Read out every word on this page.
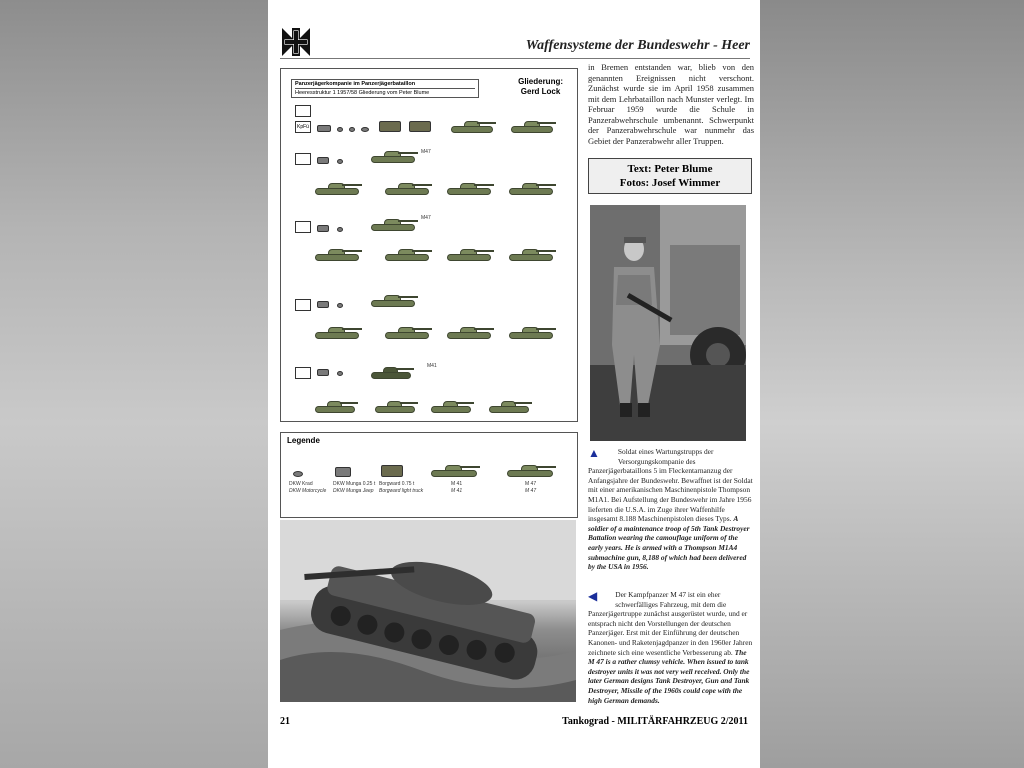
Waffensysteme der Bundeswehr - Heer
Panzerjägerkompanie im Panzerjägerbataillon
Heeresstruktur 1 1957/58 Gliederung vom Peter Blume
Gliederung:
Gerd Lock
KpFü
M47
M47
M41
Legende
DKW Krad
DKW Motorcycle
DKW Munga 0.25 t
DKW Munga Jeep
Borgward 0.75 t
Borgward light truck
M 41
M 41
M 47
M 47
in Bremen entstanden war, blieb von den genannten Ereignissen nicht verschont. Zunächst wurde sie im April 1958 zusammen mit dem Lehrbataillon nach Munster verlegt. Im Februar 1959 wurde die Schule in Panzerabwehrschule umbenannt. Schwerpunkt der Panzerabwehrschule war nunmehr das Gebiet der Panzerabwehr aller Truppen.
Text: Peter Blume
Fotos: Josef Wimmer
▲ Soldat eines Wartungstrupps der Versorgungskompanie des Panzerjägerbataillons 5 im Fleckentarnanzug der Anfangsjahre der Bundeswehr. Bewaffnet ist der Soldat mit einer amerikanischen Maschinenpistole Thompson M1A1. Bei Aufstellung der Bundeswehr im Jahre 1956 lieferten die U.S.A. im Zuge ihrer Waffenhilfe insgesamt 8.188 Maschinenpistolen dieses Typs. A soldier of a maintenance troop of 5th Tank Destroyer Battalion wearing the camouflage uniform of the early years. He is armed with a Thompson M1A4 submachine gun, 8,188 of which had been delivered by the USA in 1956.
◀ Der Kampfpanzer M 47 ist ein eher schwerfälliges Fahrzeug, mit dem die Panzerjägertruppe zunächst ausgerüstet wurde, und er entsprach nicht den Vorstellungen der deutschen Panzerjäger. Erst mit der Einführung der deutschen Kanonen- und Raketenjagdpanzer in den 1960er Jahren zeichnete sich eine wesentliche Verbesserung ab. The M 47 is a rather clumsy vehicle. When issued to tank destroyer units it was not very well received. Only the later German designs Tank Destroyer, Gun and Tank Destroyer, Missile of the 1960s could cope with the high German demands.
21	Tankograd - MILITÄRFAHRZEUG 2/2011
